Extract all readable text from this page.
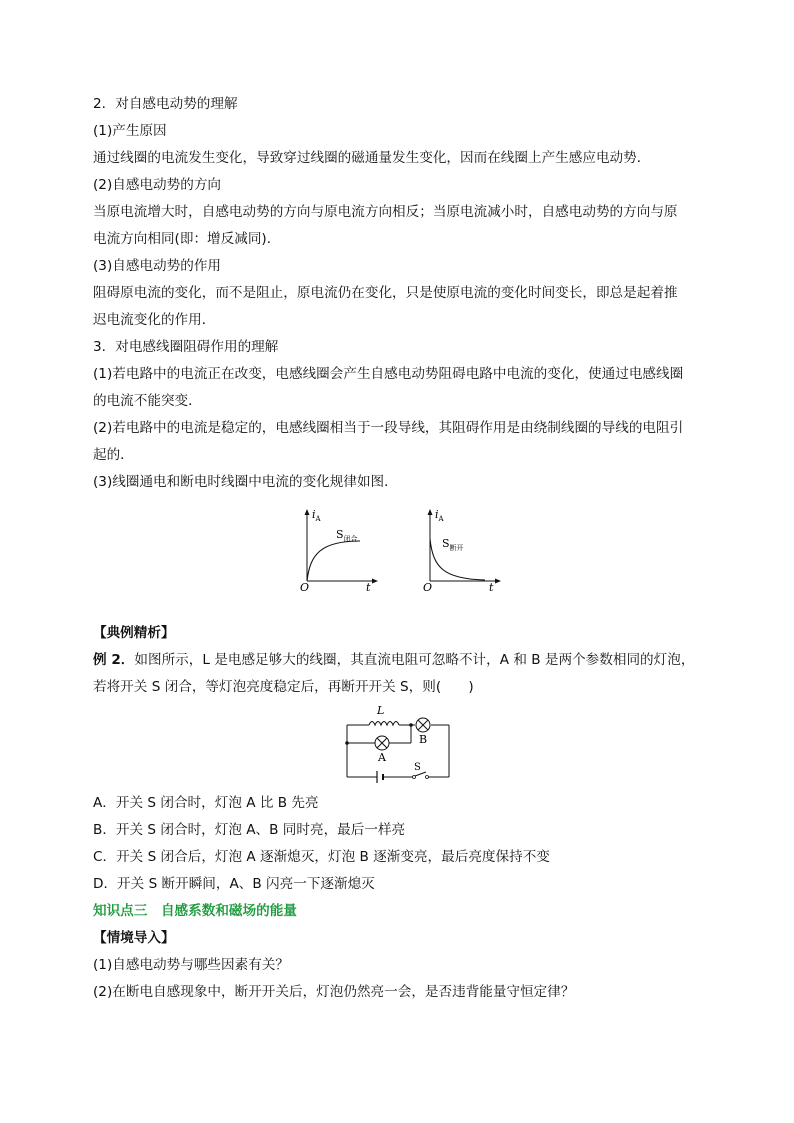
2．对自感电动势的理解
(1)产生原因
通过线圈的电流发生变化，导致穿过线圈的磁通量发生变化，因而在线圈上产生感应电动势．
(2)自感电动势的方向
当原电流增大时，自感电动势的方向与原电流方向相反；当原电流减小时，自感电动势的方向与原
电流方向相同(即：增反减同)．
(3)自感电动势的作用
阻碍原电流的变化，而不是阻止，原电流仍在变化，只是使原电流的变化时间变长，即总是起着推
迟电流变化的作用．
3．对电感线圈阻碍作用的理解
(1)若电路中的电流正在改变，电感线圈会产生自感电动势阻碍电路中电流的变化，使通过电感线圈
的电流不能突变．
(2)若电路中的电流是稳定的，电感线圈相当于一段导线，其阻碍作用是由绕制线圈的导线的电阻引
起的．
(3)线圈通电和断电时线圈中电流的变化规律如图．
$i_A$
$S_{闭合}$
O	t
$i_A$
$S_{断开}$
O	t
【典例精析】
例 2．如图所示，L 是电感足够大的线圈，其直流电阻可忽略不计，A 和 B 是两个参数相同的灯泡，
若将开关 S 闭合，等灯泡亮度稳定后，再断开开关 S，则(　　)
L
B
A
S
A．开关 S 闭合时，灯泡 A 比 B 先亮
B．开关 S 闭合时，灯泡 A、B 同时亮，最后一样亮
C．开关 S 闭合后，灯泡 A 逐渐熄灭，灯泡 B 逐渐变亮，最后亮度保持不变
D．开关 S 断开瞬间，A、B 闪亮一下逐渐熄灭
知识点三　自感系数和磁场的能量
【情境导入】
(1)自感电动势与哪些因素有关？
(2)在断电自感现象中，断开开关后，灯泡仍然亮一会，是否违背能量守恒定律？
